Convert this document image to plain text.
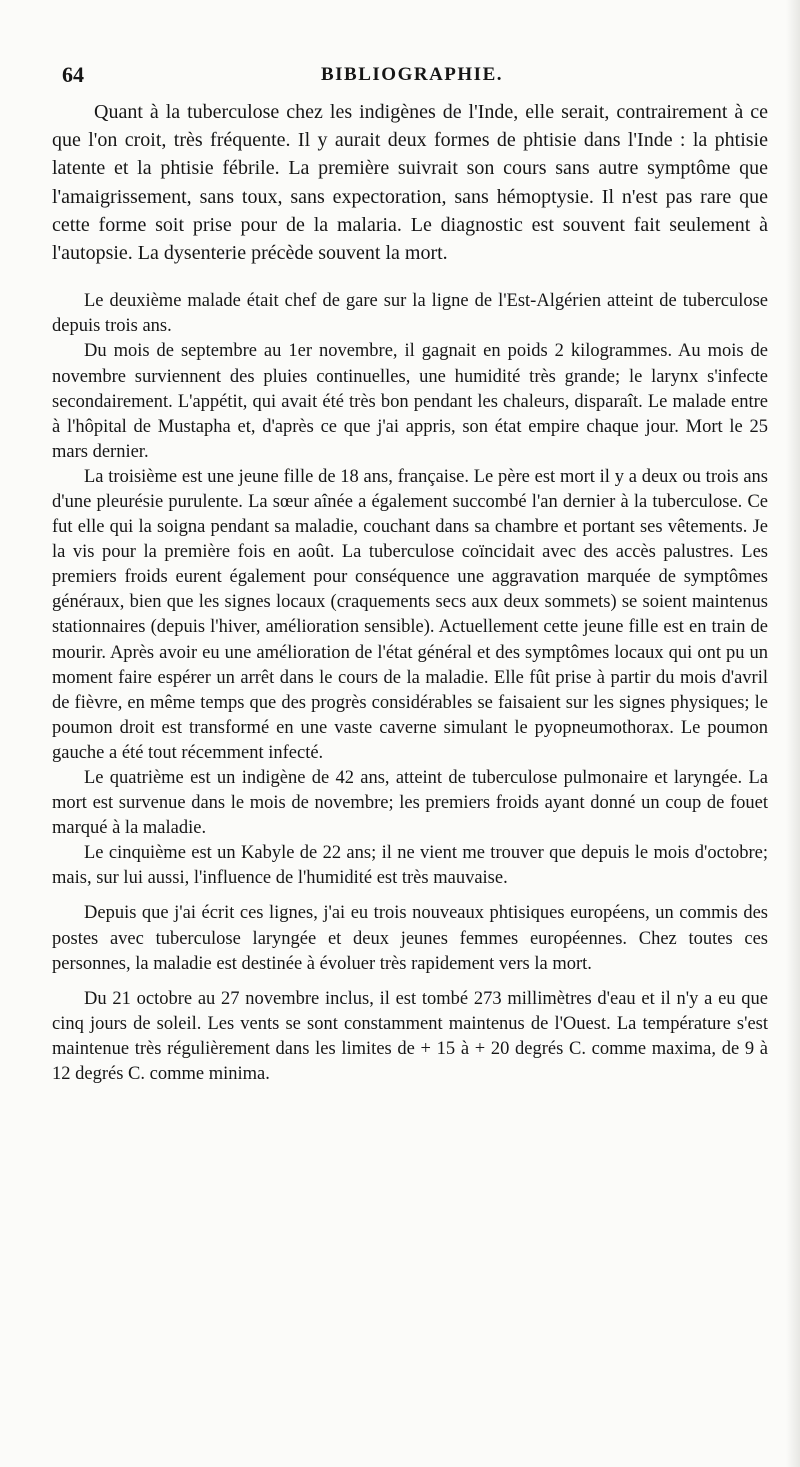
64	BIBLIOGRAPHIE.

Quant à la tuberculose chez les indigènes de l'Inde, elle serait, contrairement à ce que l'on croit, très fréquente. Il y aurait deux formes de phtisie dans l'Inde : la phtisie latente et la phtisie fébrile. La première suivrait son cours sans autre symptôme que l'amaigrissement, sans toux, sans expectoration, sans hémoptysie. Il n'est pas rare que cette forme soit prise pour de la malaria. Le diagnostic est souvent fait seulement à l'autopsie. La dysenterie précède souvent la mort.

Le deuxième malade était chef de gare sur la ligne de l'Est-Algérien atteint de tuberculose depuis trois ans.

Du mois de septembre au 1er novembre, il gagnait en poids 2 kilogrammes. Au mois de novembre surviennent des pluies continuelles, une humidité très grande; le larynx s'infecte secondairement. L'appétit, qui avait été très bon pendant les chaleurs, disparaît. Le malade entre à l'hôpital de Mustapha et, d'après ce que j'ai appris, son état empire chaque jour. Mort le 25 mars dernier.

La troisième est une jeune fille de 18 ans, française. Le père est mort il y a deux ou trois ans d'une pleurésie purulente. La sœur aînée a également succombé l'an dernier à la tuberculose. Ce fut elle qui la soigna pendant sa maladie, couchant dans sa chambre et portant ses vêtements. Je la vis pour la première fois en août. La tuberculose coïncidait avec des accès palustres. Les premiers froids eurent également pour conséquence une aggravation marquée de symptômes généraux, bien que les signes locaux (craquements secs aux deux sommets) se soient maintenus stationnaires (depuis l'hiver, amélioration sensible). Actuellement cette jeune fille est en train de mourir. Après avoir eu une amélioration de l'état général et des symptômes locaux qui ont pu un moment faire espérer un arrêt dans le cours de la maladie. Elle fût prise à partir du mois d'avril de fièvre, en même temps que des progrès considérables se faisaient sur les signes physiques; le poumon droit est transformé en une vaste caverne simulant le pyopneumothorax. Le poumon gauche a été tout récemment infecté.

Le quatrième est un indigène de 42 ans, atteint de tuberculose pulmonaire et laryngée. La mort est survenue dans le mois de novembre; les premiers froids ayant donné un coup de fouet marqué à la maladie.

Le cinquième est un Kabyle de 22 ans; il ne vient me trouver que depuis le mois d'octobre; mais, sur lui aussi, l'influence de l'humidité est très mauvaise.

Depuis que j'ai écrit ces lignes, j'ai eu trois nouveaux phtisiques européens, un commis des postes avec tuberculose laryngée et deux jeunes femmes européennes. Chez toutes ces personnes, la maladie est destinée à évoluer très rapidement vers la mort.

Du 21 octobre au 27 novembre inclus, il est tombé 273 millimètres d'eau et il n'y a eu que cinq jours de soleil. Les vents se sont constamment maintenus de l'Ouest. La température s'est maintenue très régulièrement dans les limites de + 15 à + 20 degrés C. comme maxima, de 9 à 12 degrés C. comme minima.
